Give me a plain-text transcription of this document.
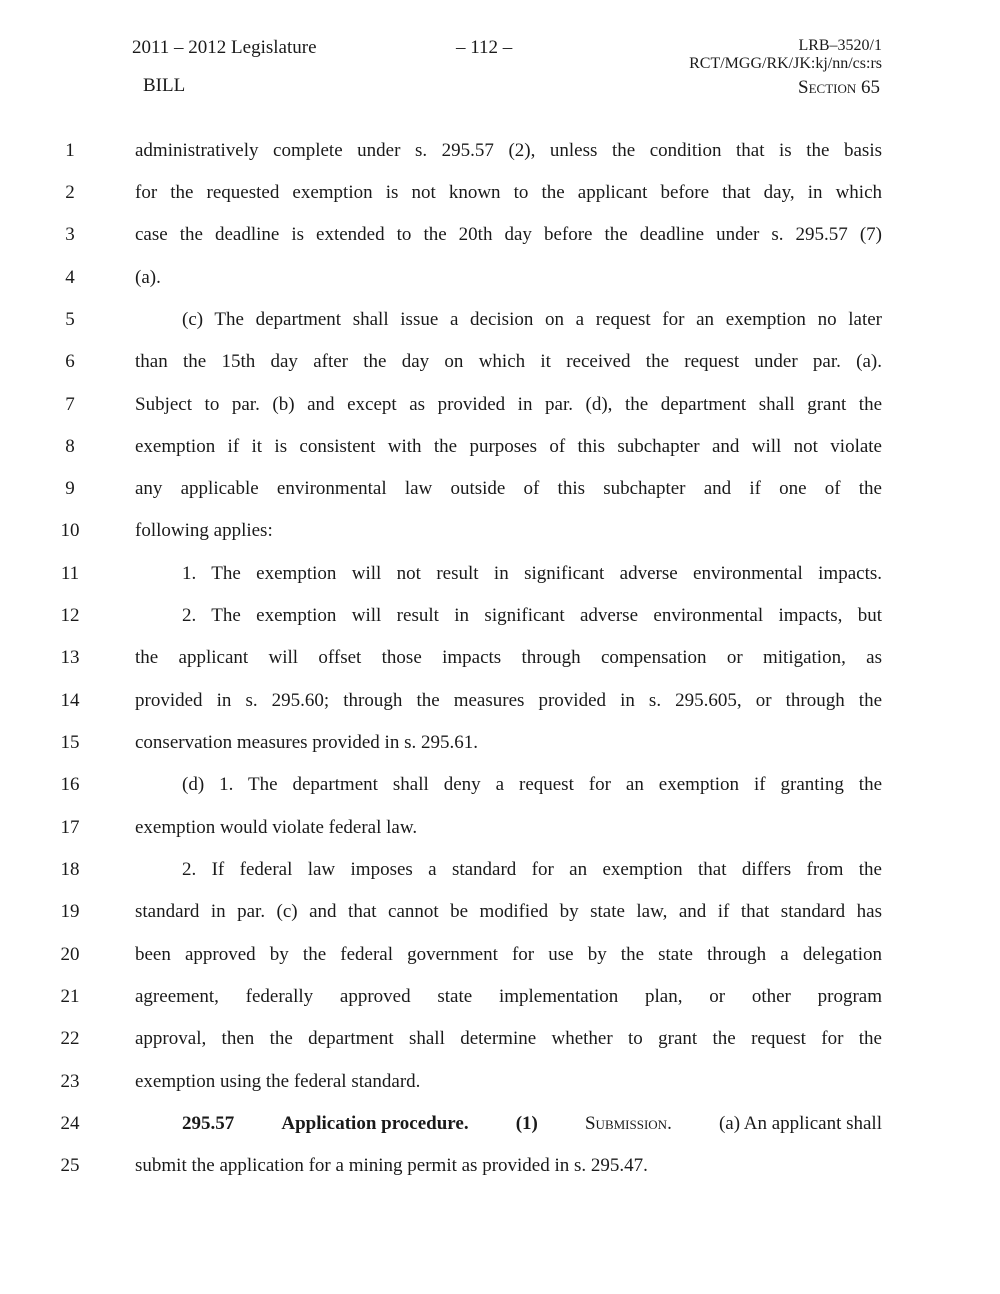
2011 – 2012 Legislature	– 112 –	LRB–3520/1
RCT/MGG/RK/JK:kj/nn/cs:rs
BILL	Section 65
1	administratively complete under s. 295.57 (2), unless the condition that is the basis
2	for the requested exemption is not known to the applicant before that day, in which
3	case the deadline is extended to the 20th day before the deadline under s. 295.57 (7)
4	(a).
5	(c) The department shall issue a decision on a request for an exemption no later
6	than the 15th day after the day on which it received the request under par. (a).
7	Subject to par. (b) and except as provided in par. (d), the department shall grant the
8	exemption if it is consistent with the purposes of this subchapter and will not violate
9	any applicable environmental law outside of this subchapter and if one of the
10	following applies:
11	1. The exemption will not result in significant adverse environmental impacts.
12	2. The exemption will result in significant adverse environmental impacts, but
13	the applicant will offset those impacts through compensation or mitigation, as
14	provided in s. 295.60; through the measures provided in s. 295.605, or through the
15	conservation measures provided in s. 295.61.
16	(d) 1. The department shall deny a request for an exemption if granting the
17	exemption would violate federal law.
18	2. If federal law imposes a standard for an exemption that differs from the
19	standard in par. (c) and that cannot be modified by state law, and if that standard has
20	been approved by the federal government for use by the state through a delegation
21	agreement, federally approved state implementation plan, or other program
22	approval, then the department shall determine whether to grant the request for the
23	exemption using the federal standard.
24	295.57 Application procedure. (1) Submission. (a) An applicant shall
25	submit the application for a mining permit as provided in s. 295.47.
